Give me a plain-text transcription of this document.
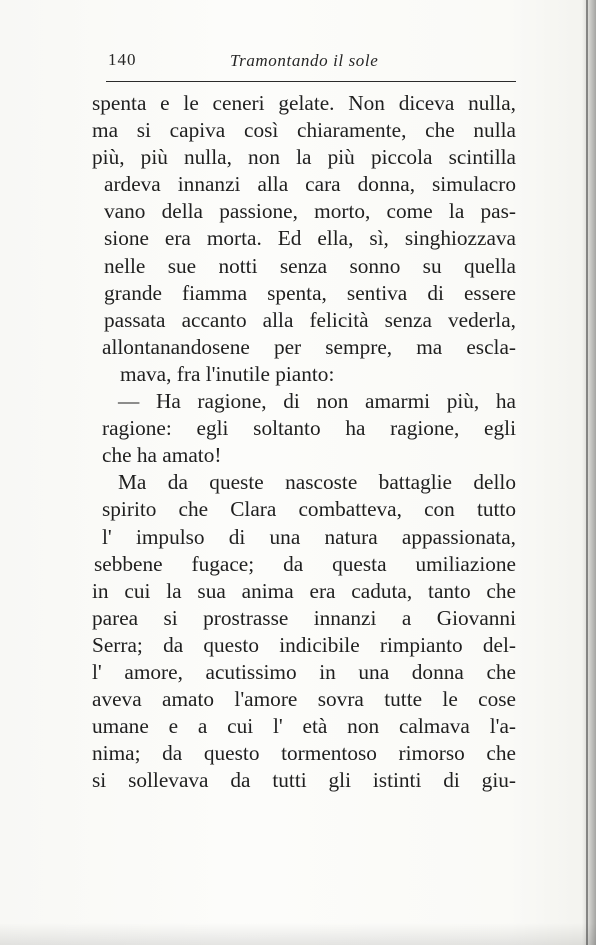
140	Tramontando il sole
spenta e le ceneri gelate. Non diceva nulla,
ma si capiva così chiaramente, che nulla
più, più nulla, non la più piccola scintilla
ardeva innanzi alla cara donna, simulacro
vano della passione, morto, come la pas-
sione era morta. Ed ella, sì, singhiozzava
nelle sue notti senza sonno su quella
grande fiamma spenta, sentiva di essere
passata accanto alla felicità senza vederla,
allontanandosene per sempre, ma escla-
mava, fra l'inutile pianto:
— Ha ragione, di non amarmi più, ha
ragione: egli soltanto ha ragione, egli
che ha amato!
Ma da queste nascoste battaglie dello
spirito che Clara combatteva, con tutto
l' impulso di una natura appassionata,
sebbene fugace; da questa umiliazione
in cui la sua anima era caduta, tanto che
parea si prostrasse innanzi a Giovanni
Serra; da questo indicibile rimpianto del-
l' amore, acutissimo in una donna che
aveva amato l'amore sovra tutte le cose
umane e a cui l' età non calmava l'a-
nima; da questo tormentoso rimorso che
si sollevava da tutti gli istinti di giu-
